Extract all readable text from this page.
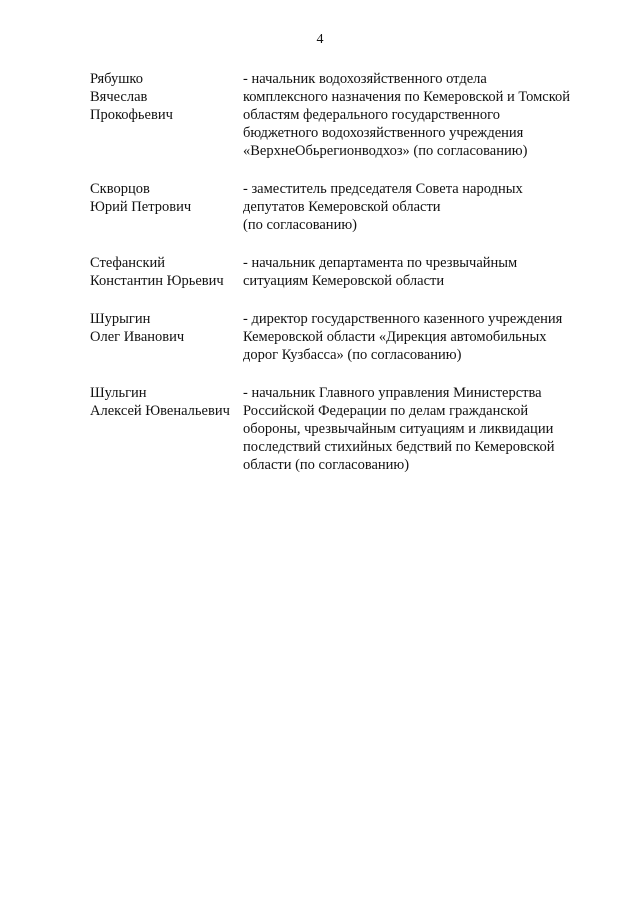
4
Рябушко
Вячеслав
Прокофьевич
- начальник водохозяйственного отдела
комплексного назначения по Кемеровской и Томской
областям федерального государственного
бюджетного водохозяйственного учреждения
«ВерхнеОбьрегионводхоз» (по согласованию)
Скворцов
Юрий Петрович
- заместитель председателя Совета народных
депутатов Кемеровской области
(по согласованию)
Стефанский
Константин Юрьевич
- начальник департамента по чрезвычайным
ситуациям Кемеровской области
Шурыгин
Олег Иванович
- директор государственного казенного учреждения
Кемеровской области «Дирекция автомобильных
дорог Кузбасса» (по согласованию)
Шульгин
Алексей Ювенальевич
- начальник Главного управления Министерства
Российской Федерации по делам гражданской
обороны, чрезвычайным ситуациям и ликвидации
последствий стихийных бедствий по Кемеровской
области (по согласованию)
